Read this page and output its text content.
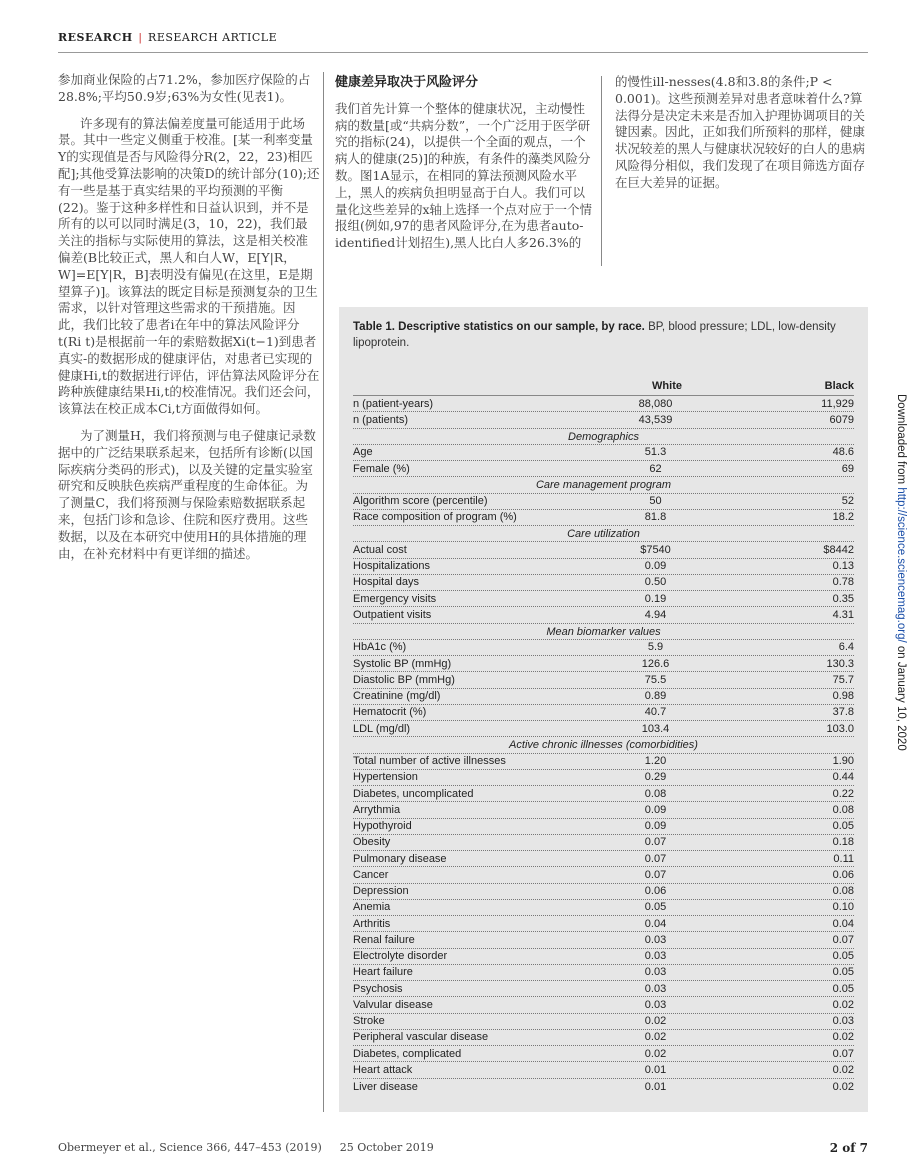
RESEARCH | RESEARCH ARTICLE

参加商业保险的占71.2%，参加医疗保险的占28.8%;平均50.9岁;63%为女性(见表1)。

许多现有的算法偏差度量可能适用于此场景。其中一些定义侧重于校准。[某一利率变量Y的实现值是否与风险得分R(2，22，23)相匹配];其他受算法影响的决策D的统计部分(10);还有一些是基于真实结果的平均预测的平衡(22)。鉴于这种多样性和日益认识到，并不是所有的以可以同时满足(3，10，22)，我们最关注的指标与实际使用的算法，这是相关校准偏差(B比较正式，黑人和白人W，E[Y|R，W]=E[Y|R，B]表明没有偏见(在这里，E是期望算子)]。该算法的既定目标是预测复杂的卫生需求，以针对管理这些需求的干预措施。因此，我们比较了患者i在年中的算法风险评分t(Ri t)是根据前一年的索赔数据Xi(t−1)到患者真实-的数据形成的健康评估，对患者已实现的健康Hi,t的数据进行评估，评估算法风险评分在跨种族健康结果Hi,t的校准情况。我们还会问，该算法在校正成本Ci,t方面做得如何。

为了测量H，我们将预测与电子健康记录数据中的广泛结果联系起来，包括所有诊断(以国际疾病分类码的形式)，以及关键的定量实验室研究和反映肤色疾病严重程度的生命体征。为了测量C，我们将预测与保险索赔数据联系起来，包括门诊和急诊、住院和医疗费用。这些数据，以及在本研究中使用H的具体措施的理由，在补充材料中有更详细的描述。

健康差异取决于风险评分

我们首先计算一个整体的健康状况，主动慢性病的数量[或“共病分数”，一个广泛用于医学研究的指标(24)，以提供一个全面的观点，一个病人的健康(25)]的种族，有条件的藻类风险分数。图1A显示，在相同的算法预测风险水平上，黑人的疾病负担明显高于白人。我们可以量化这些差异的x轴上选择一个点对应于一个情报组(例如,97的患者风险评分,在为患者auto-identified计划招生),黑人比白人多26.3%的

的慢性ill-nesses(4.8和3.8的条件;P < 0.001)。这些预测差异对患者意味着什么?算法得分是决定未来是否加入护理协调项目的关键因素。因此，正如我们所预料的那样，健康状况较差的黑人与健康状况较好的白人的患病风险得分相似，我们发现了在项目筛选方面存在巨大差异的证据。

Table 1. Descriptive statistics on our sample, by race. BP, blood pressure; LDL, low-density lipoprotein.
White	Black
n (patient-years)	88,080	11,929
n (patients)	43,539	6079
Demographics
Age	51.3	48.6
Female (%)	62	69
Care management program
Algorithm score (percentile)	50	52
Race composition of program (%)	81.8	18.2
Care utilization
Actual cost	$7540	$8442
Hospitalizations	0.09	0.13
Hospital days	0.50	0.78
Emergency visits	0.19	0.35
Outpatient visits	4.94	4.31
Mean biomarker values
HbA1c (%)	5.9	6.4
Systolic BP (mmHg)	126.6	130.3
Diastolic BP (mmHg)	75.5	75.7
Creatinine (mg/dl)	0.89	0.98
Hematocrit (%)	40.7	37.8
LDL (mg/dl)	103.4	103.0
Active chronic illnesses (comorbidities)
Total number of active illnesses	1.20	1.90
Hypertension	0.29	0.44
Diabetes, uncomplicated	0.08	0.22
Arrythmia	0.09	0.08
Hypothyroid	0.09	0.05
Obesity	0.07	0.18
Pulmonary disease	0.07	0.11
Cancer	0.07	0.06
Depression	0.06	0.08
Anemia	0.05	0.10
Arthritis	0.04	0.04
Renal failure	0.03	0.07
Electrolyte disorder	0.03	0.05
Heart failure	0.03	0.05
Psychosis	0.03	0.05
Valvular disease	0.03	0.02
Stroke	0.02	0.03
Peripheral vascular disease	0.02	0.02
Diabetes, complicated	0.02	0.07
Heart attack	0.01	0.02
Liver disease	0.01	0.02
Downloaded from http://science.sciencemag.org/ on January 10, 2020
Obermeyer et al., Science 366, 447–453 (2019) 25 October 2019	2 of 7
